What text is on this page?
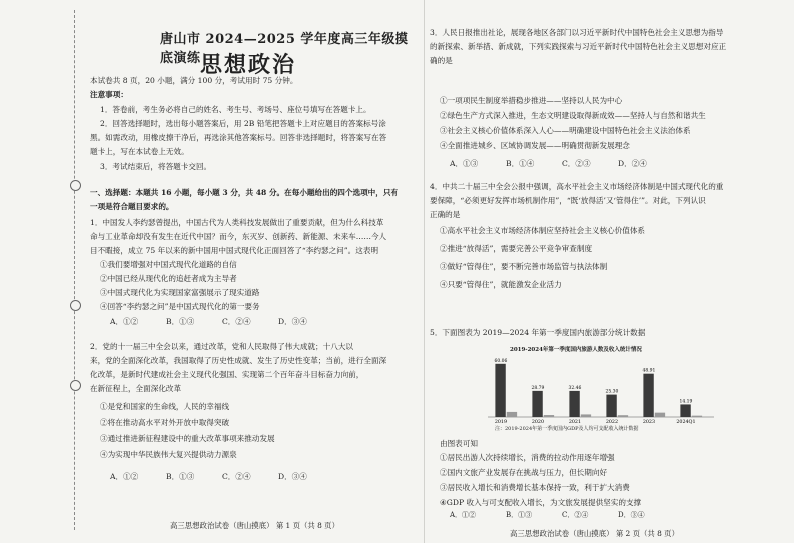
唐山市 2024—2025 学年度高三年级摸底演练 思想政治
本试卷共 8 页，20 小题，满分 100 分，考试用时 75 分钟。
注意事项：
1．答卷前，考生务必将自己的姓名、考生号、考场号、座位号填写在答题卡上。
2．回答选择题时，选出每小题答案后，用 2B 铅笔把答题卡上对应题目的答案标号涂
黑。如需改动，用橡皮擦干净后，再选涂其他答案标号。回答非选择题时，将答案写在答
题卡上，写在本试卷上无效。
3．考试结束后，将答题卡交回。
一、选择题：本题共 16 小题，每小题 3 分，共 48 分。在每小题给出的四个选项中，只有
一项是符合题目要求的。
1．中国发人李约瑟曾提出，中国古代为人类科技发展做出了重要贡献，但为什么科技革
命与工业革命却没有发生在近代中国？而今，东灭岁、创新药、新能源、未来车……今人
目不暇接，成立 75 年以来的新中国用中国式现代化正面回答了“李约瑟之问”。这表明
①我们要增强对中国式现代化道路的自信
②中国已经从现代化的追赶者成为主导者
③中国式现代化为实现国家富强展示了现实道路
④回答“李约瑟之问”是中国式现代化的第一要务
A．①②	B．①③	C．②④	D．③④
2．党的十一届三中全会以来，通过改革，党和人民取得了伟大成就；十八大以
来，党的全面深化改革，我国取得了历史性成就、发生了历史性变革；当前，进行全面深
化改革，是新时代建成社会主义现代化强国、实现第二个百年奋斗目标奋力向前，
在新征程上，全面深化改革
①是党和国家的生命线，人民的幸福线
②将在推动高水平对外开放中取得突破
③通过推进新征程建设中的重大改革事项来推动发展
④为实现中华民族伟大复兴提供动力源泉
A．①②	B．①③	C．②④	D．③④
高三思想政治试卷（唐山摸底） 第 1 页（共 8 页）
3．人民日报推出社论，展现各地区各部门以习近平新时代中国特色社会主义思想为指导
的新探索、新举措、新成就，下列实践探索与习近平新时代中国特色社会主义思想对应正
确的是
①一项项民生制度举措稳步推进——坚持以人民为中心
②绿色生产方式深入推进，生态文明建设取得新成效——坚持人与自然和谐共生
③社会主义核心价值体系深入人心——明确建设中国特色社会主义法治体系
④全面推进城乡、区域协调发展——明确贯彻新发展理念
A．①③	B．①④	C．②③	D．②④
4．中共二十届三中全会公报中强调，高水平社会主义市场经济体制是中国式现代化的重
要保障，“必须更好发挥市场机制作用”，“既‘放得活’又‘管得住’”。对此，下列认识
正确的是
①高水平社会主义市场经济体制应坚持社会主义核心价值体系
②推进“放得活”，需要完善公平竞争审查制度
③做好“管得住”，要不断完善市场监管与执法体制
④只要“管得住”，就能激发企业活力
5．下面图表为 2019—2024 年第一季度国内旅游部分统计数据
2019-2024年第一季度国内旅游人数及收入统计情况
60.06
2019
28.79
2020
32.46
2021
25.30
2022
48.91
2023
14.19
2024Q1
注：2019-2024年第一季度国内GDP及人均可支配收入统计数据
由图表可知
①居民出游人次持续增长，消费的拉动作用逐年增强
②国内文旅产业发展存在挑战与压力，但长期向好
③居民收入增长和消费增长基本保持一致，利于扩大消费
④GDP 收入与可支配收入增长，为文旅发展提供坚实的支撑
A．①②	B．①③	C．②④	D．③④
高三思想政治试卷（唐山摸底） 第 2 页（共 8 页）
